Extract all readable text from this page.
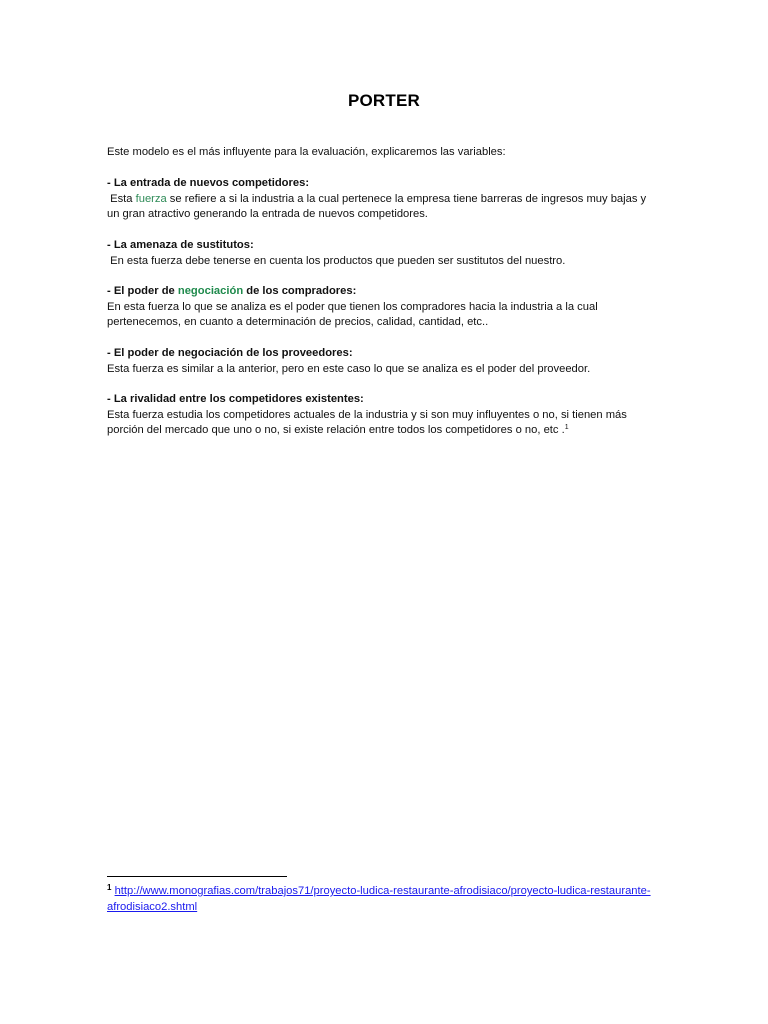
PORTER
Este modelo es el más influyente para la evaluación, explicaremos las variables:
- La entrada de nuevos competidores:
Esta fuerza se refiere a si la industria a la cual pertenece la empresa tiene barreras de ingresos muy bajas y
un gran atractivo generando la entrada de nuevos competidores.
- La amenaza de sustitutos:
En esta fuerza debe tenerse en cuenta los productos que pueden ser sustitutos del nuestro.
- El poder de negociación de los compradores:
En esta fuerza lo que se analiza es el poder que tienen los compradores hacia la industria a la cual
pertenecemos, en cuanto a determinación de precios, calidad, cantidad, etc..
- El poder de negociación de los proveedores:
Esta fuerza es similar a la anterior, pero en este caso lo que se analiza es el poder del proveedor.
- La rivalidad entre los competidores existentes:
Esta fuerza estudia los competidores actuales de la industria y si son muy influyentes o no, si tienen más
porción del mercado que uno o no, si existe relación entre todos los competidores o no, etc .$^1$
$^1$ http://www.monografias.com/trabajos71/proyecto-ludica-restaurante-afrodisiaco/proyecto-ludica-restaurante-
afrodisiaco2.shtml
